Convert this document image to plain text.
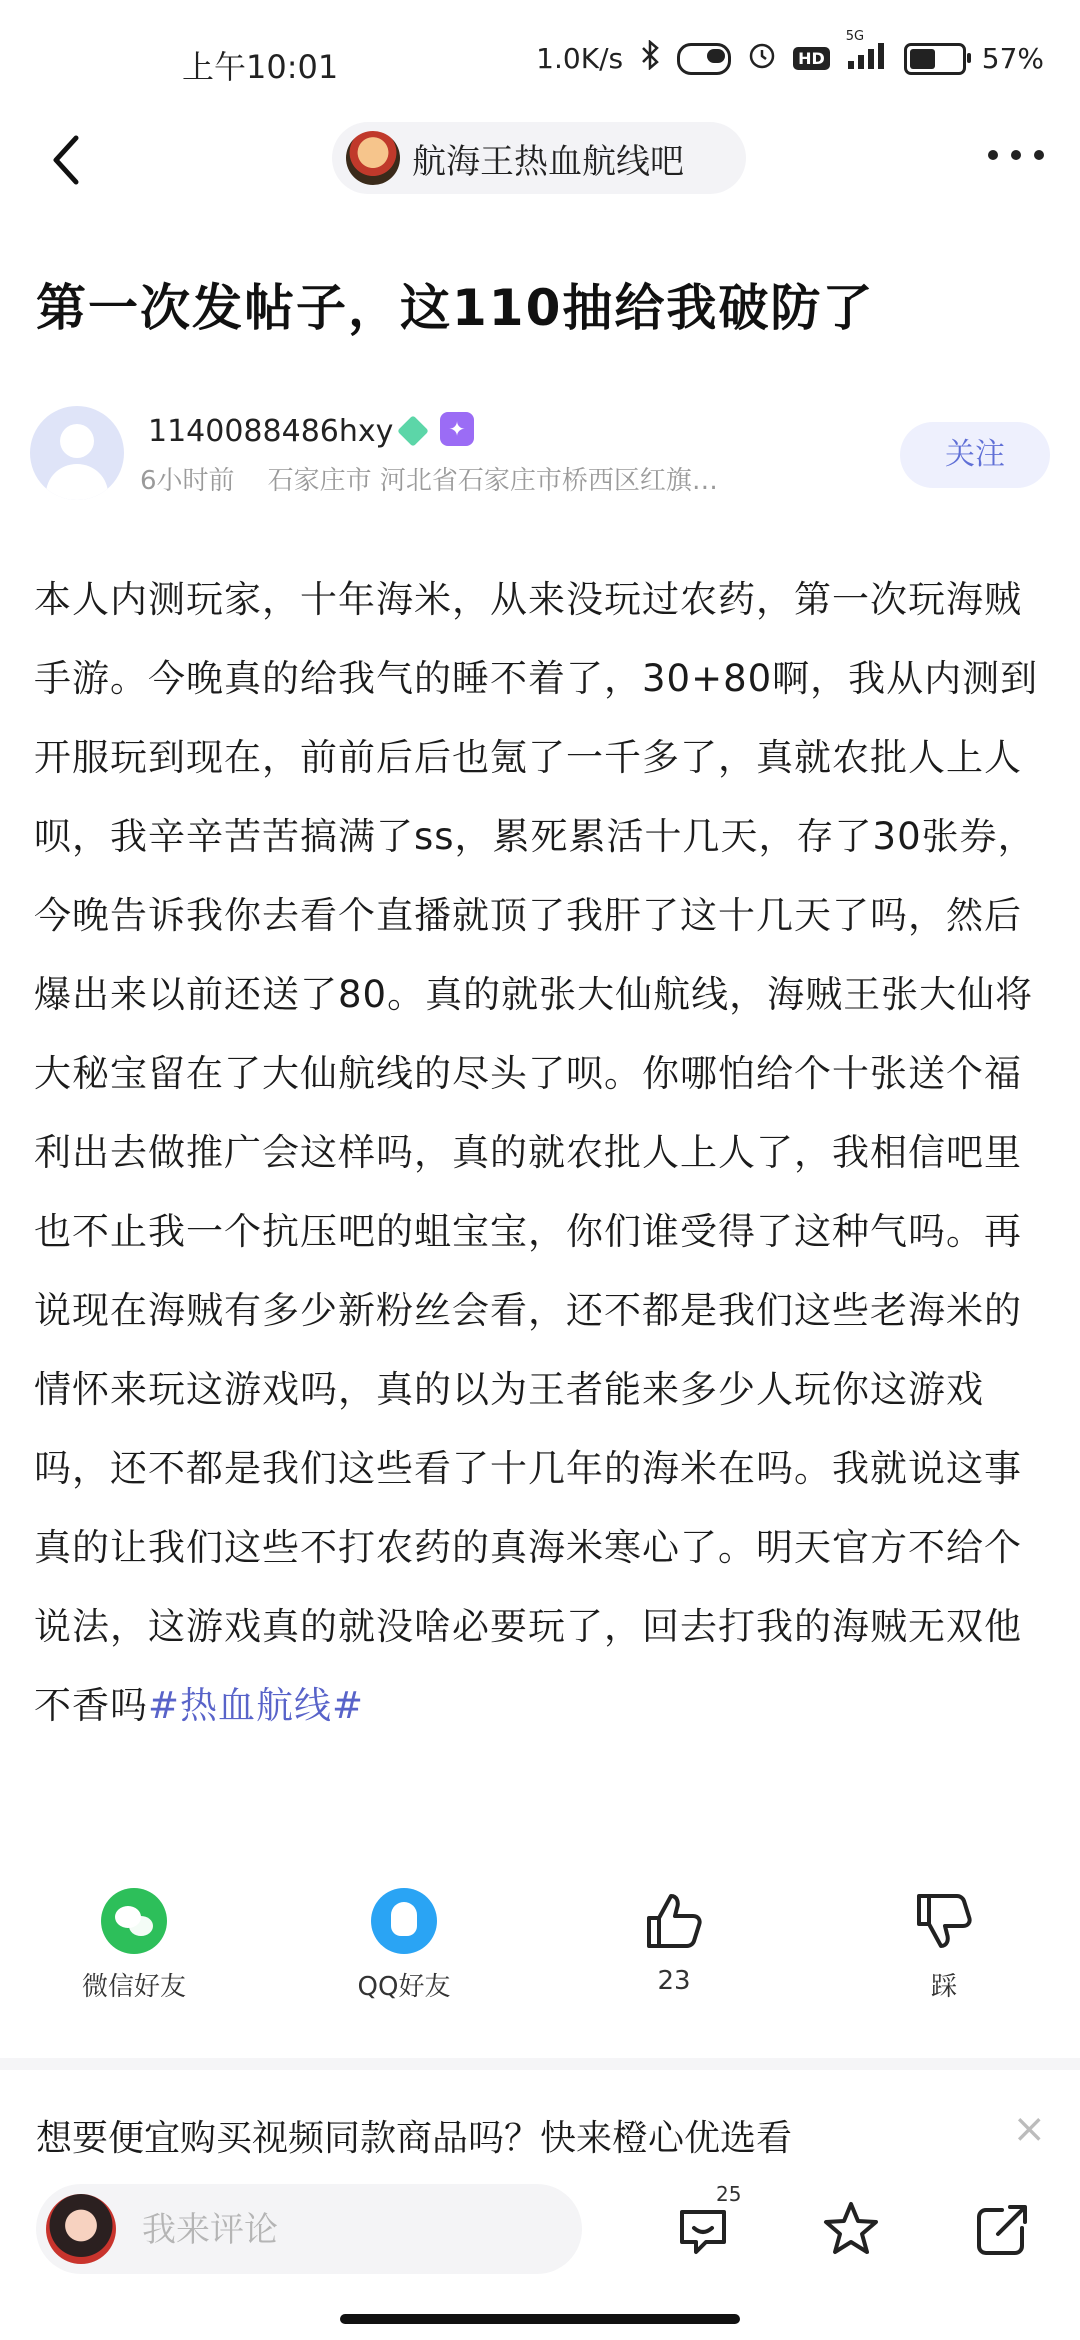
上午10:01	1.0K/s	HD
5G
57%
航海王热血航线吧
第一次发帖子，这110抽给我破防了
1140088486hxy	✦
6小时前 石家庄市 河北省石家庄市桥西区红旗…
关注
本人内测玩家，十年海米，从来没玩过农药，第一次玩海贼手游。今晚真的给我气的睡不着了，30+80啊，我从内测到开服玩到现在，前前后后也氪了一千多了，真就农批人上人呗，我辛辛苦苦搞满了ss，累死累活十几天，存了30张券，今晚告诉我你去看个直播就顶了我肝了这十几天了吗，然后爆出来以前还送了80。真的就张大仙航线，海贼王张大仙将大秘宝留在了大仙航线的尽头了呗。你哪怕给个十张送个福利出去做推广会这样吗，真的就农批人上人了，我相信吧里也不止我一个抗压吧的蛆宝宝，你们谁受得了这种气吗。再说现在海贼有多少新粉丝会看，还不都是我们这些老海米的情怀来玩这游戏吗，真的以为王者能来多少人玩你这游戏吗，还不都是我们这些看了十几年的海米在吗。我就说这事真的让我们这些不打农药的真海米寒心了。明天官方不给个说法，这游戏真的就没啥必要玩了，回去打我的海贼无双他不香吗#热血航线#
微信好友	QQ好友	23	踩
想要便宜购买视频同款商品吗？快来橙心优选看	×
我来评论
25
